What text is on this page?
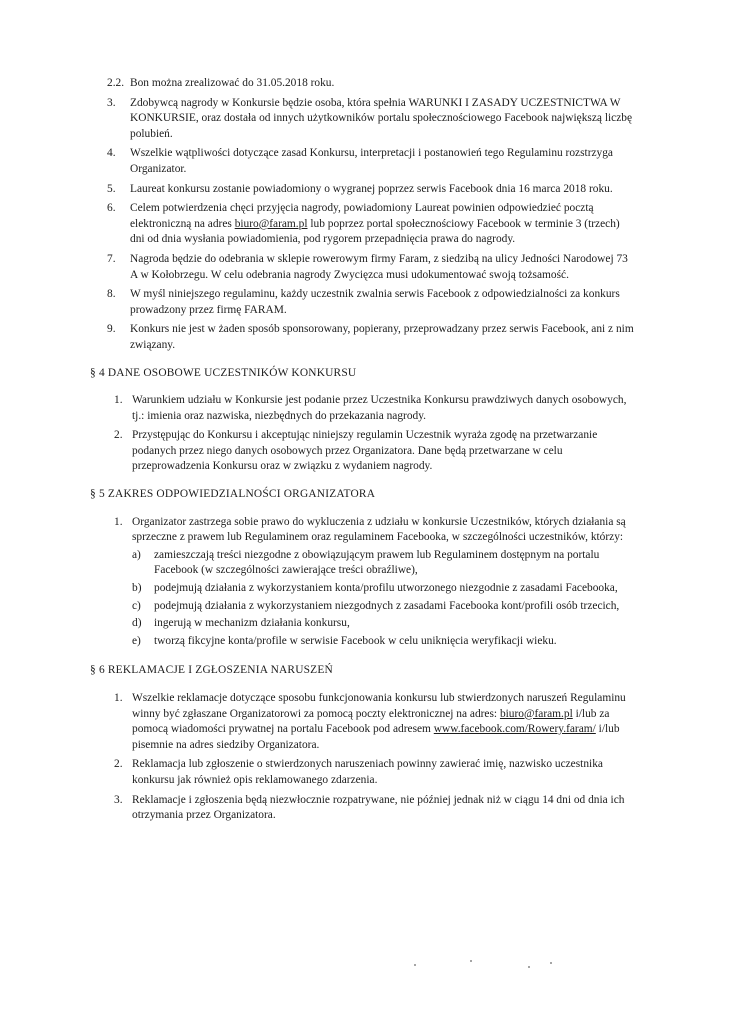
2.2. Bon można zrealizować do 31.05.2018 roku.
3.	Zdobywcą nagrody w Konkursie będzie osoba, która spełnia WARUNKI I ZASADY UCZESTNICTWA W KONKURSIE, oraz dostała od innych użytkowników portalu społecznościowego Facebook największą liczbę polubień.
4.	Wszelkie wątpliwości dotyczące zasad Konkursu, interpretacji i postanowień tego Regulaminu rozstrzyga Organizator.
5.	Laureat konkursu zostanie powiadomiony o wygranej poprzez serwis Facebook dnia 16 marca 2018 roku.
6.	Celem potwierdzenia chęci przyjęcia nagrody, powiadomiony Laureat powinien odpowiedzieć pocztą elektroniczną na adres biuro@faram.pl lub poprzez portal społecznościowy Facebook w terminie 3 (trzech) dni od dnia wysłania powiadomienia, pod rygorem przepadnięcia prawa do nagrody.
7.	Nagroda będzie do odebrania w sklepie rowerowym firmy Faram, z siedzibą na ulicy Jedności Narodowej 73 A w Kołobrzegu. W celu odebrania nagrody Zwycięzca musi udokumentować swoją tożsamość.
8.	W myśl niniejszego regulaminu, każdy uczestnik zwalnia serwis Facebook z odpowiedzialności za konkurs prowadzony przez firmę FARAM.
9.	Konkurs nie jest w żaden sposób sponsorowany, popierany, przeprowadzany przez serwis Facebook, ani z nim związany.
§ 4 DANE OSOBOWE UCZESTNIKÓW KONKURSU
1. Warunkiem udziału w Konkursie jest podanie przez Uczestnika Konkursu prawdziwych danych osobowych, tj.: imienia oraz nazwiska, niezbędnych do przekazania nagrody.
2. Przystępując do Konkursu i akceptując niniejszy regulamin Uczestnik wyraża zgodę na przetwarzanie podanych przez niego danych osobowych przez Organizatora. Dane będą przetwarzane w celu przeprowadzenia Konkursu oraz w związku z wydaniem nagrody.
§ 5 ZAKRES ODPOWIEDZIALNOŚCI ORGANIZATORA
1. Organizator zastrzega sobie prawo do wykluczenia z udziału w konkursie Uczestników, których działania są sprzeczne z prawem lub Regulaminem oraz regulaminem Facebooka, w szczególności uczestników, którzy:
a)	zamieszczają treści niezgodne z obowiązującym prawem lub Regulaminem dostępnym na portalu Facebook (w szczególności zawierające treści obraźliwe),
b)	podejmują działania z wykorzystaniem konta/profilu utworzonego niezgodnie z zasadami Facebooka,
c)	podejmują działania z wykorzystaniem niezgodnych z zasadami Facebooka kont/profili osób trzecich,
d)	ingerują w mechanizm działania konkursu,
e)	tworzą fikcyjne konta/profile w serwisie Facebook w celu uniknięcia weryfikacji wieku.
§ 6 REKLAMACJE I ZGŁOSZENIA NARUSZEŃ
1. Wszelkie reklamacje dotyczące sposobu funkcjonowania konkursu lub stwierdzonych naruszeń Regulaminu winny być zgłaszane Organizatorowi za pomocą poczty elektronicznej na adres: biuro@faram.pl i/lub za pomocą wiadomości prywatnej na portalu Facebook pod adresem www.facebook.com/Rowery.faram/ i/lub pisemnie na adres siedziby Organizatora.
2. Reklamacja lub zgłoszenie o stwierdzonych naruszeniach powinny zawierać imię, nazwisko uczestnika konkursu jak również opis reklamowanego zdarzenia.
3. Reklamacje i zgłoszenia będą niezwłocznie rozpatrywane, nie później jednak niż w ciągu 14 dni od dnia ich otrzymania przez Organizatora.
